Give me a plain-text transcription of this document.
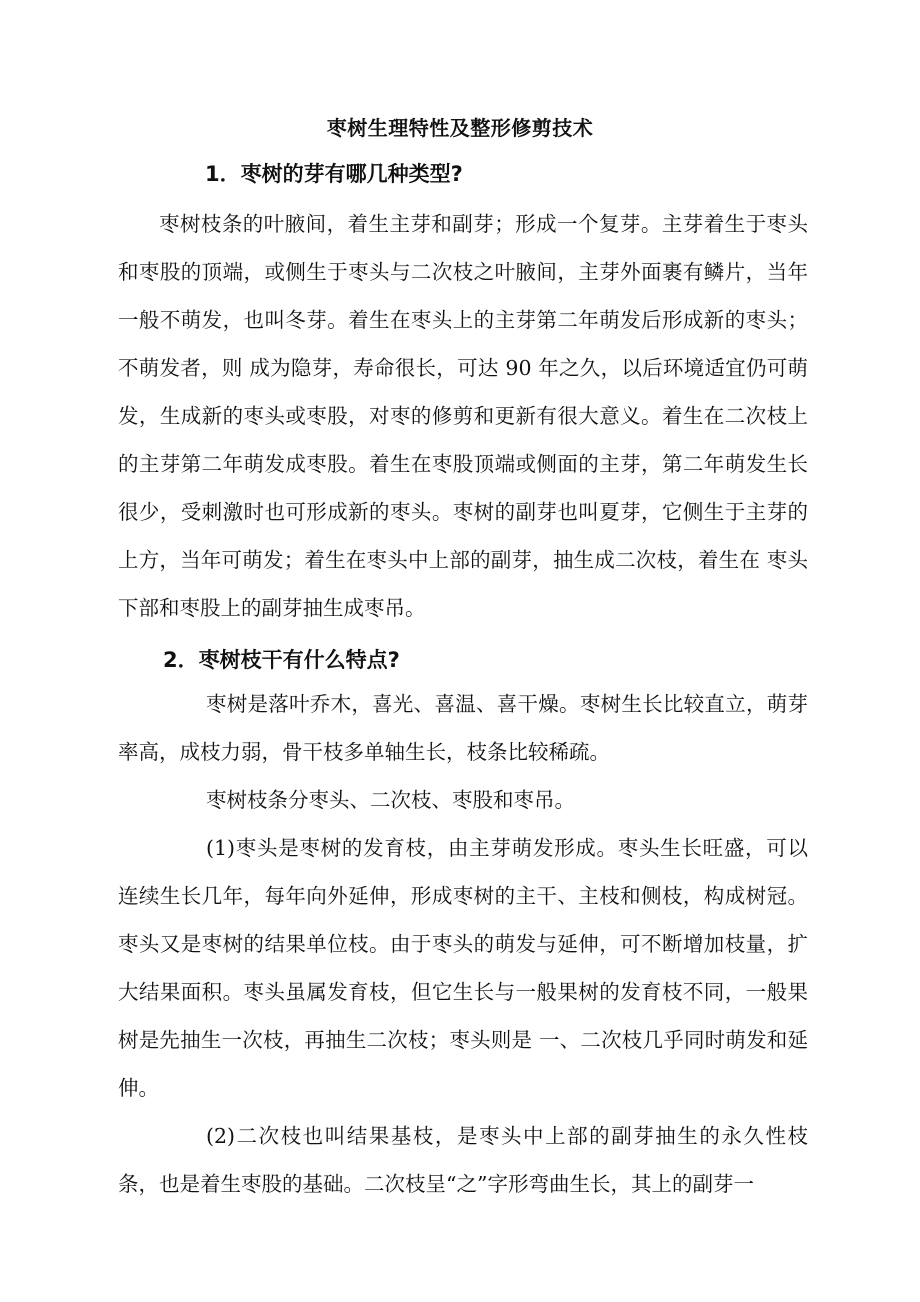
枣树生理特性及整形修剪技术
1．枣树的芽有哪几种类型?
枣树枝条的叶腋间，着生主芽和副芽；形成一个复芽。主芽着生于枣头和枣股的顶端，或侧生于枣头与二次枝之叶腋间，主芽外面裹有鳞片，当年一般不萌发，也叫冬芽。着生在枣头上的主芽第二年萌发后形成新的枣头；不萌发者，则 成为隐芽，寿命很长，可达 90 年之久，以后环境适宜仍可萌发，生成新的枣头或枣股，对枣的修剪和更新有很大意义。着生在二次枝上的主芽第二年萌发成枣股。着生在枣股顶端或侧面的主芽，第二年萌发生长很少，受刺激时也可形成新的枣头。枣树的副芽也叫夏芽，它侧生于主芽的上方，当年可萌发；着生在枣头中上部的副芽，抽生成二次枝，着生在 枣头下部和枣股上的副芽抽生成枣吊。
2．枣树枝干有什么特点?
枣树是落叶乔木，喜光、喜温、喜干燥。枣树生长比较直立，萌芽率高，成枝力弱，骨干枝多单轴生长，枝条比较稀疏。
枣树枝条分枣头、二次枝、枣股和枣吊。
(1)枣头是枣树的发育枝，由主芽萌发形成。枣头生长旺盛，可以连续生长几年，每年向外延伸，形成枣树的主干、主枝和侧枝，构成树冠。枣头又是枣树的结果单位枝。由于枣头的萌发与延伸，可不断增加枝量，扩大结果面积。枣头虽属发育枝，但它生长与一般果树的发育枝不同，一般果树是先抽生一次枝，再抽生二次枝；枣头则是 一、二次枝几乎同时萌发和延伸。
(2)二次枝也叫结果基枝，是枣头中上部的副芽抽生的永久性枝条，也是着生枣股的基础。二次枝呈“之”字形弯曲生长，其上的副芽一
